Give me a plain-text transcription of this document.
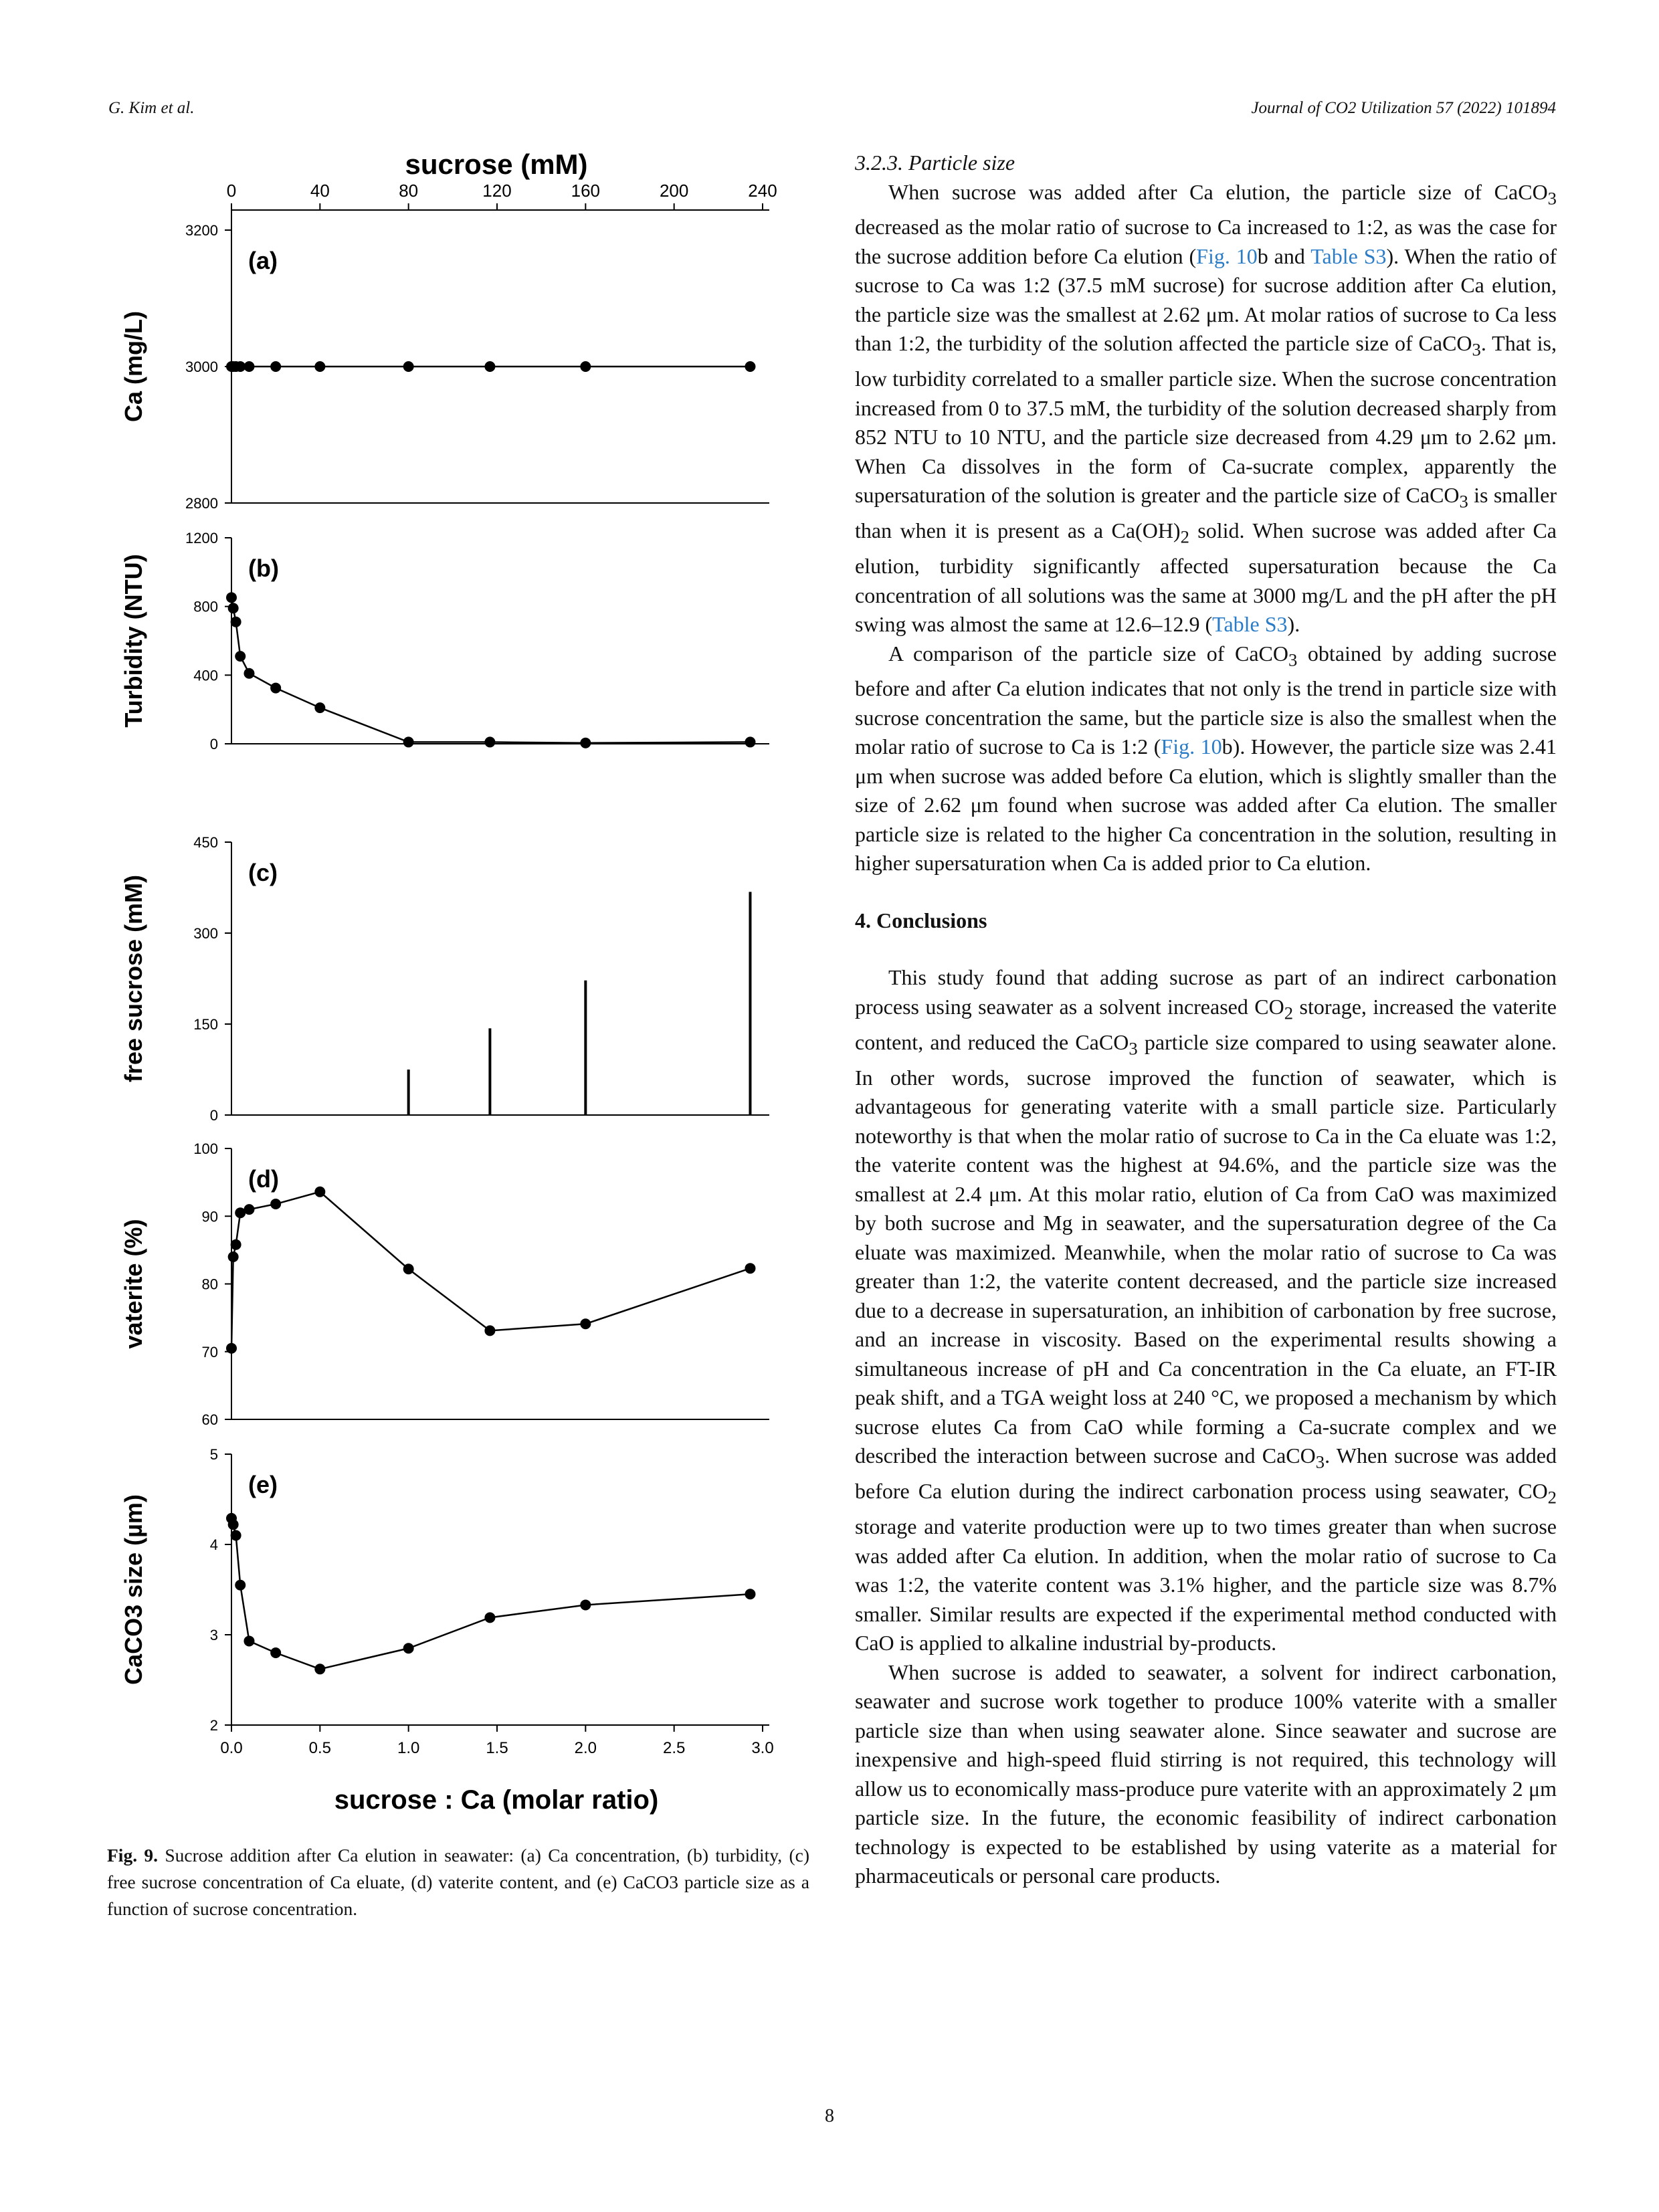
G. Kim et al.	Journal of CO2 Utilization 57 (2022) 101894
sucrose (mM)
0	40	80	120	160	200	240
2800
3000
3200
Ca (mg/L)
(a)
0
400
800
1200
Turbidity (NTU)	(b)
0
150
300
450
free sucrose (mM)
(c)
60
70
80
90
100
vaterite (%)
(d)
2
3
4
5
CaCO3 size (µm)
(e)
0.0	0.5	1.0	1.5	2.0	2.5	3.0
sucrose : Ca (molar ratio)
Fig. 9. Sucrose addition after Ca elution in seawater: (a) Ca concentration, (b) turbidity, (c) free sucrose concentration of Ca eluate, (d) vaterite content, and (e) CaCO3 particle size as a function of sucrose concentration.

3.2.3. Particle size

When sucrose was added after Ca elution, the particle size of CaCO$_3$ decreased as the molar ratio of sucrose to Ca increased to 1:2, as was the case for the sucrose addition before Ca elution (Fig. 10b and Table S3). When the ratio of sucrose to Ca was 1:2 (37.5 mM sucrose) for sucrose addition after Ca elution, the particle size was the smallest at 2.62 μm. At molar ratios of sucrose to Ca less than 1:2, the turbidity of the solution affected the particle size of CaCO$_3$. That is, low turbidity correlated to a smaller particle size. When the sucrose concentration increased from 0 to 37.5 mM, the turbidity of the solution decreased sharply from 852 NTU to 10 NTU, and the particle size decreased from 4.29 μm to 2.62 μm. When Ca dissolves in the form of Ca-sucrate complex, apparently the supersaturation of the solution is greater and the particle size of CaCO$_3$ is smaller than when it is present as a $Ca(OH)_2$ solid. When sucrose was added after Ca elution, turbidity significantly affected supersaturation because the Ca concentration of all solutions was the same at 3000 mg/L and the pH after the pH swing was almost the same at 12.6–12.9 (Table S3).

A comparison of the particle size of CaCO$_3$ obtained by adding sucrose before and after Ca elution indicates that not only is the trend in particle size with sucrose concentration the same, but the particle size is also the smallest when the molar ratio of sucrose to Ca is 1:2 (Fig. 10b). However, the particle size was 2.41 μm when sucrose was added before Ca elution, which is slightly smaller than the size of 2.62 μm found when sucrose was added after Ca elution. The smaller particle size is related to the higher Ca concentration in the solution, resulting in higher supersaturation when Ca is added prior to Ca elution.

4. Conclusions

This study found that adding sucrose as part of an indirect carbonation process using seawater as a solvent increased $CO_2$ storage, increased the vaterite content, and reduced the CaCO$_3$ particle size compared to using seawater alone. In other words, sucrose improved the function of seawater, which is advantageous for generating vaterite with a small particle size. Particularly noteworthy is that when the molar ratio of sucrose to Ca in the Ca eluate was 1:2, the vaterite content was the highest at 94.6%, and the particle size was the smallest at 2.4 μm. At this molar ratio, elution of Ca from CaO was maximized by both sucrose and Mg in seawater, and the supersaturation degree of the Ca eluate was maximized. Meanwhile, when the molar ratio of sucrose to Ca was greater than 1:2, the vaterite content decreased, and the particle size increased due to a decrease in supersaturation, an inhibition of carbonation by free sucrose, and an increase in viscosity. Based on the experimental results showing a simultaneous increase of pH and Ca concentration in the Ca eluate, an FT-IR peak shift, and a TGA weight loss at 240 °C, we proposed a mechanism by which sucrose elutes Ca from CaO while forming a Ca-sucrate complex and we described the interaction between sucrose and CaCO$_3$. When sucrose was added before Ca elution during the indirect carbonation process using seawater, $CO_2$ storage and vaterite production were up to two times greater than when sucrose was added after Ca elution. In addition, when the molar ratio of sucrose to Ca was 1:2, the vaterite content was 3.1% higher, and the particle size was 8.7% smaller. Similar results are expected if the experimental method conducted with CaO is applied to alkaline industrial by-products.

When sucrose is added to seawater, a solvent for indirect carbonation, seawater and sucrose work together to produce 100% vaterite with a smaller particle size than when using seawater alone. Since seawater and sucrose are inexpensive and high-speed fluid stirring is not required, this technology will allow us to economically mass-produce pure vaterite with an approximately 2 μm particle size. In the future, the economic feasibility of indirect carbonation technology is expected to be established by using vaterite as a material for pharmaceuticals or personal care products.

8
